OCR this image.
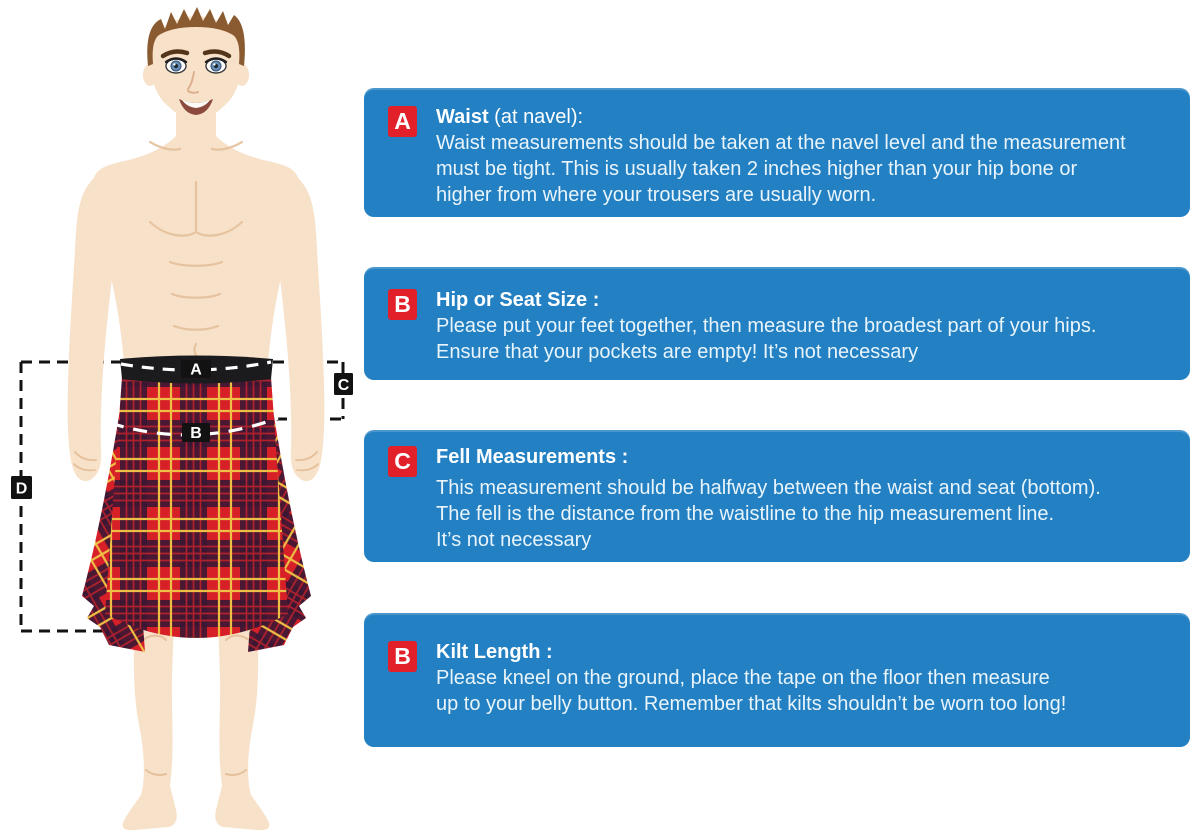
A
B
C
D
A	Waist (at navel):
Waist measurements should be taken at the navel level and the measurement
must be tight. This is usually taken 2 inches higher than your hip bone or
higher from where your trousers are usually worn.
B	Hip or Seat Size :
Please put your feet together, then measure the broadest part of your hips.
Ensure that your pockets are empty! It’s not necessary
C	Fell Measurements :
This measurement should be halfway between the waist and seat (bottom).
The fell is the distance from the waistline to the hip measurement line.
It’s not necessary
B	Kilt Length :
Please kneel on the ground, place the tape on the floor then measure
up to your belly button. Remember that kilts shouldn’t be worn too long!
